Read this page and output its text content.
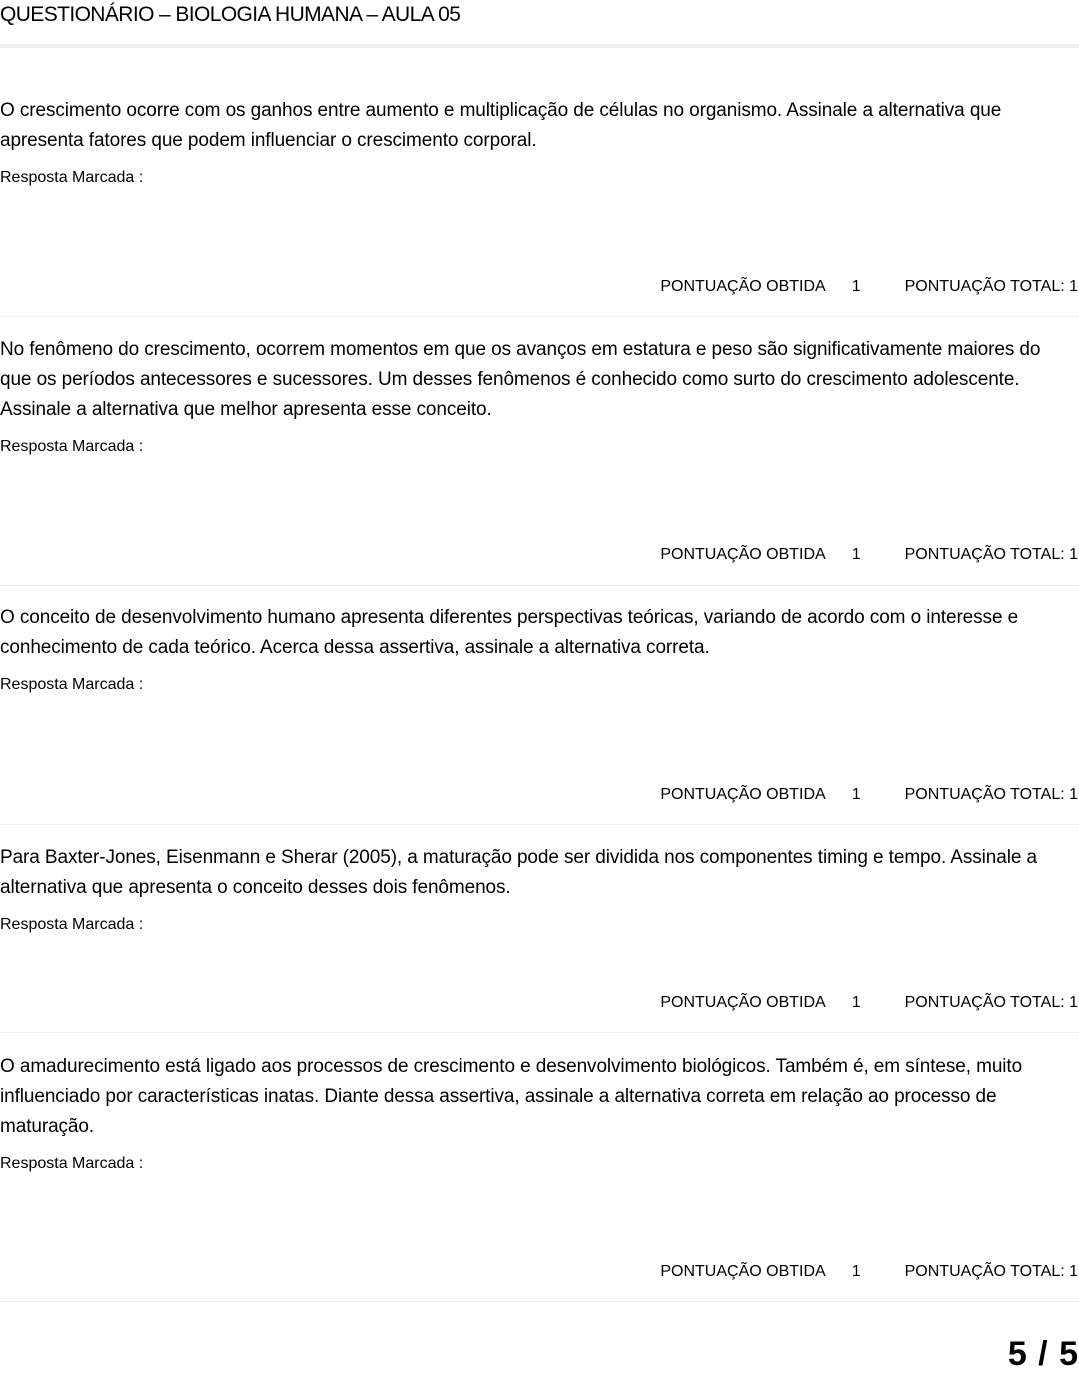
QUESTIONÁRIO – BIOLOGIA HUMANA – AULA 05
O crescimento ocorre com os ganhos entre aumento e multiplicação de células no organismo. Assinale a alternativa que apresenta fatores que podem influenciar o crescimento corporal.
Resposta Marcada :
PONTUAÇÃO OBTIDA 1	PONTUAÇÃO TOTAL: 1
No fenômeno do crescimento, ocorrem momentos em que os avanços em estatura e peso são significativamente maiores do que os períodos antecessores e sucessores. Um desses fenômenos é conhecido como surto do crescimento adolescente. Assinale a alternativa que melhor apresenta esse conceito.
Resposta Marcada :
PONTUAÇÃO OBTIDA 1	PONTUAÇÃO TOTAL: 1
O conceito de desenvolvimento humano apresenta diferentes perspectivas teóricas, variando de acordo com o interesse e conhecimento de cada teórico. Acerca dessa assertiva, assinale a alternativa correta.
Resposta Marcada :
PONTUAÇÃO OBTIDA 1	PONTUAÇÃO TOTAL: 1
Para Baxter-Jones, Eisenmann e Sherar (2005), a maturação pode ser dividida nos componentes timing e tempo. Assinale a alternativa que apresenta o conceito desses dois fenômenos.
Resposta Marcada :
PONTUAÇÃO OBTIDA 1	PONTUAÇÃO TOTAL: 1
O amadurecimento está ligado aos processos de crescimento e desenvolvimento biológicos. Também é, em síntese, muito influenciado por características inatas. Diante dessa assertiva, assinale a alternativa correta em relação ao processo de maturação.
Resposta Marcada :
PONTUAÇÃO OBTIDA 1	PONTUAÇÃO TOTAL: 1
5 / 5
